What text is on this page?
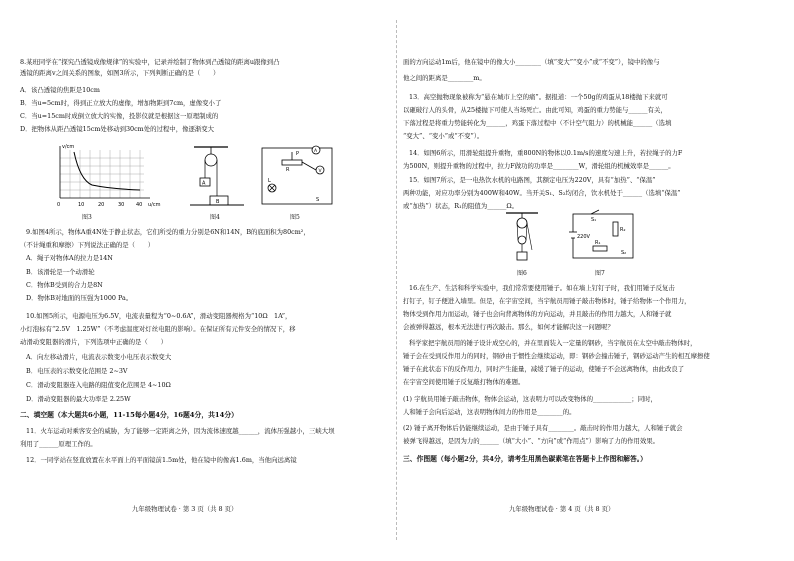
8.某班同学在“探究凸透镜成像规律”的实验中，记录并绘制了物体到凸透镜的距离u跟像到凸
透镜的距离v之间关系的图象，如图3所示，下列判断正确的是（　　）
A．该凸透镜的焦距是10cm
B．当u=5cm时，得到正立放大的虚像，增加物距到7cm，虚像变小了
C．当u=15cm时成倒立放大的实像，投影仪就是根据这一原理制成的
D．把物体从距凸透镜15cm处移动到30cm处的过程中，像逐渐变大
v/cm
u/cm
0	10	20	30 40
A
B
P	A
R	V
L
S
图3	图4	图5
9.如图4所示，物体A重4N处于静止状态，它们所受的重力分别是6N和14N，B的底面积为80cm²，
（不计绳重和摩擦）下列说法正确的是（　　）
A．绳子对物体A的拉力是14N
B．该滑轮是一个动滑轮
C．物体B受到的合力是8N
D．物体B对地面的压强为1000 Pa。
10.如图5所示，电源电压为6.5V，电流表量程为“0~0.6A”，滑动变阻器规格为“10Ω　1A”，
小灯泡标有“2.5V　1.25W”（不考虑温度对灯丝电阻的影响）。在保证所有元件安全的情况下，移
动滑动变阻器的滑片，下列选项中正确的是（　　）
A．向左移动滑片，电流表示数变小电压表示数变大
B．电压表的示数变化范围是 2~3V
C．滑动变阻器连入电路的阻值变化范围是 4~10Ω
D．滑动变阻器的最大功率是 2.25W
二、填空题（本大题共6小题，11-15每小题4分，16题4分，共14分）
11．火车运动对乘客安全的威胁，为了能够一定距离之外，因为流体速度越______，流体压强越小，三峡大坝
利用了______原理工作的。
12．一同学站在竖直放置在水平面上的平面镜前1.5m处，他在镜中的像高1.6m，当他向远离镜
九年级物理试卷 · 第 3 页（共 8 页）
面的方向运动1m后，他在镜中的像大小________（填“变大”“变小”或“不变”），镜中的像与
他之间的距离是________m。
13．高空抛物现象被称为“悬在城市上空的痛”。据报道：一个50g的鸡蛋从18楼抛下来就可
以砸破行人的头骨，从25楼抛下可使人当场死亡。由此可知，鸡蛋的重力势能与______有关，
下落过程是将重力势能转化为______，鸡蛋下落过程中（不计空气阻力）的机械能______（选填
“变大”、“变小”或“不变”）。
14．如图6所示，用滑轮组提升重物，重800N的物体以0.1m/s的速度匀速上升，若拉绳子的力F
为500N，则提升重物的过程中，拉力F做功的功率是________W，滑轮组的机械效率是______。
15．如图7所示，是一电热饮水机的电路图，其额定电压为220V，具有“加热”、“保温”
两种功能，对应功率分别为400W和40W。当开关S₁、S₂均闭合，饮水机处于______（选填“保温”
或“加热”）状态，R₁的阻值为______Ω。
S₁
220V
R₂
R₁
S₂
图6	图7
16.在生产、生活和科学实验中，我们常常要使用锤子。如在墙上钉钉子时，我们用锤子反复击
打钉子，钉子便进入墙里。但是，在宇宙空间，当宇航员用锤子敲击物体时，锤子给物体一个作用力，
物体受到作用力而运动，锤子也会向背离物体的方向运动，并且敲击的作用力越大，人和锤子就
会被弹得越远，根本无法进行再次敲击。那么，如何才能解决这一问题呢？
科学家把宇航员用的锤子设计成空心的，并在里面装入一定量的钢砂，当宇航员在太空中敲击物体时，
锤子会在受到反作用力的同时，钢砂由于惯性会继续运动，即：钢砂会撞击锤子，钢砂运动产生的相互摩擦使
锤子在此状态下的反作用力，同时产生能量，减缓了锤子的运动，使锤子不会远离物体，由此改良了
在宇宙空间使用锤子反复敲打物体的难题。
(1) 宇航员用锤子敲击物体，物体会运动，这表明力可以改变物体的____________；同时，
人和锤子会向后运动，这表明物体间力的作用是________的。
(2) 锤子离开物体后仍能继续运动，是由于锤子具有________。敲击时的作用力越大，人和锤子就会
被弹飞得越远，是因为力的______（填“大小”、“方向”或“作用点”）影响了力的作用效果。
三、作图题（每小题2分，共4分，请考生用黑色碳素笔在答题卡上作图和解答。）
九年级物理试卷 · 第 4 页（共 8 页）
